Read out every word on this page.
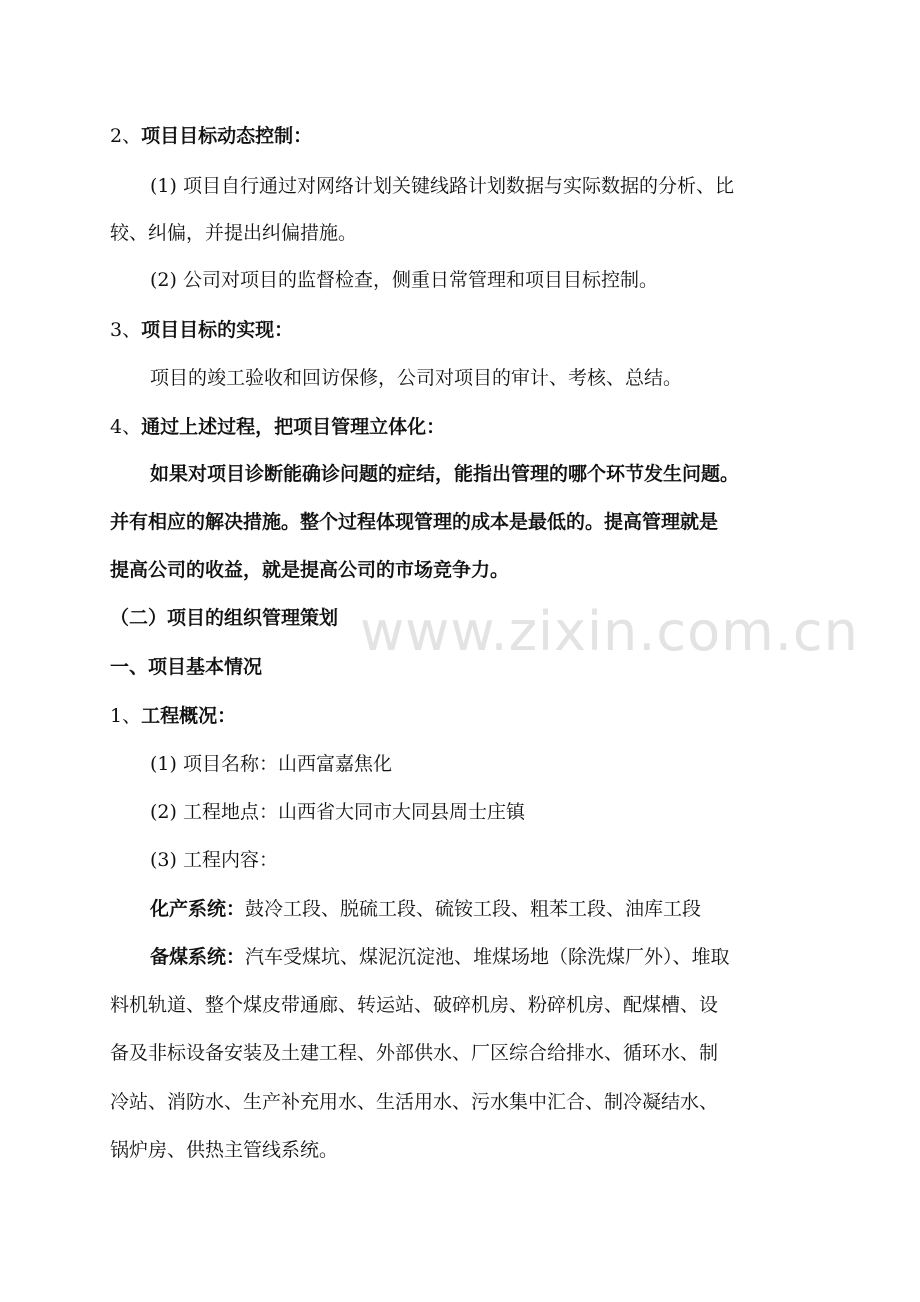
www.zixin.com.cn
2、项目目标动态控制：
(1) 项目自行通过对网络计划关键线路计划数据与实际数据的分析、比
较、纠偏，并提出纠偏措施。
(2) 公司对项目的监督检查，侧重日常管理和项目目标控制。
3、项目目标的实现：
项目的竣工验收和回访保修，公司对项目的审计、考核、总结。
4、通过上述过程，把项目管理立体化：
如果对项目诊断能确诊问题的症结，能指出管理的哪个环节发生问题。
并有相应的解决措施。整个过程体现管理的成本是最低的。提高管理就是
提高公司的收益，就是提高公司的市场竞争力。
（二）项目的组织管理策划
一、项目基本情况
1、工程概况：
(1) 项目名称：山西富嘉焦化
(2) 工程地点：山西省大同市大同县周士庄镇
(3) 工程内容：
化产系统：鼓冷工段、脱硫工段、硫铵工段、粗苯工段、油库工段
备煤系统：汽车受煤坑、煤泥沉淀池、堆煤场地（除洗煤厂外）、堆取
料机轨道、整个煤皮带通廊、转运站、破碎机房、粉碎机房、配煤槽、设
备及非标设备安装及土建工程、外部供水、厂区综合给排水、循环水、制
冷站、消防水、生产补充用水、生活用水、污水集中汇合、制冷凝结水、
锅炉房、供热主管线系统。
